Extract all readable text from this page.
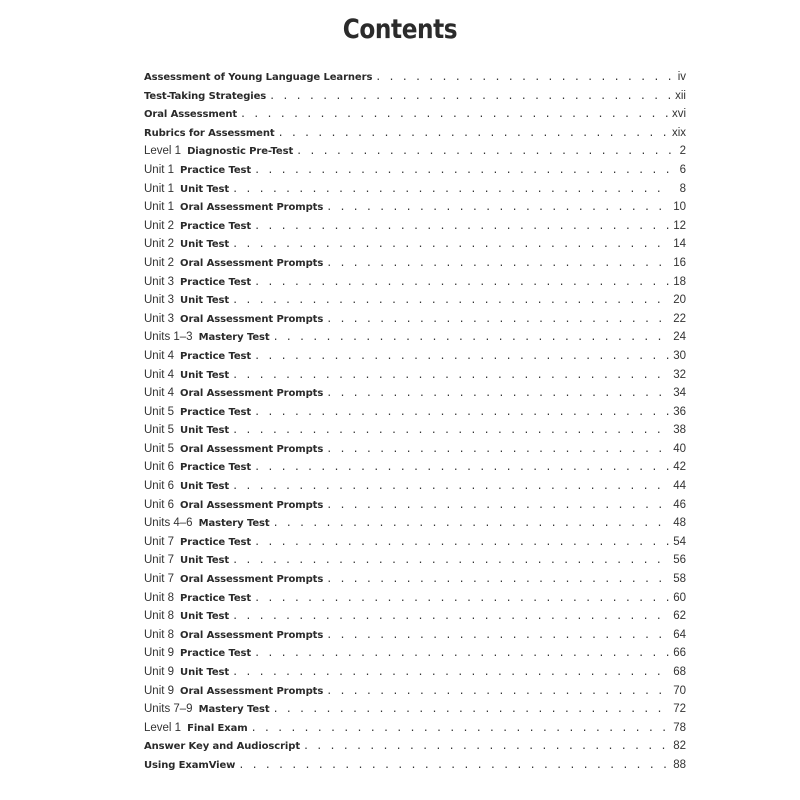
Contents
Assessment of Young Language Learners . . .	iv
Test-Taking Strategies . . .	xii
Oral Assessment . . .	xvi
Rubrics for Assessment . . .	xix
Level 1 Diagnostic Pre-Test . . .	2
Unit 1 Practice Test . . .	6
Unit 1 Unit Test . . .	8
Unit 1 Oral Assessment Prompts . . .	10
Unit 2 Practice Test . . .	12
Unit 2 Unit Test . . .	14
Unit 2 Oral Assessment Prompts . . .	16
Unit 3 Practice Test . . .	18
Unit 3 Unit Test . . .	20
Unit 3 Oral Assessment Prompts . . .	22
Units 1–3 Mastery Test . . .	24
Unit 4 Practice Test . . .	30
Unit 4 Unit Test . . .	32
Unit 4 Oral Assessment Prompts . . .	34
Unit 5 Practice Test . . .	36
Unit 5 Unit Test . . .	38
Unit 5 Oral Assessment Prompts . . .	40
Unit 6 Practice Test . . .	42
Unit 6 Unit Test . . .	44
Unit 6 Oral Assessment Prompts . . .	46
Units 4–6 Mastery Test . . .	48
Unit 7 Practice Test . . .	54
Unit 7 Unit Test . . .	56
Unit 7 Oral Assessment Prompts . . .	58
Unit 8 Practice Test . . .	60
Unit 8 Unit Test . . .	62
Unit 8 Oral Assessment Prompts . . .	64
Unit 9 Practice Test . . .	66
Unit 9 Unit Test . . .	68
Unit 9 Oral Assessment Prompts . . .	70
Units 7–9 Mastery Test . . .	72
Level 1 Final Exam . . .	78
Answer Key and Audioscript . . .	82
Using ExamView . . .	88
